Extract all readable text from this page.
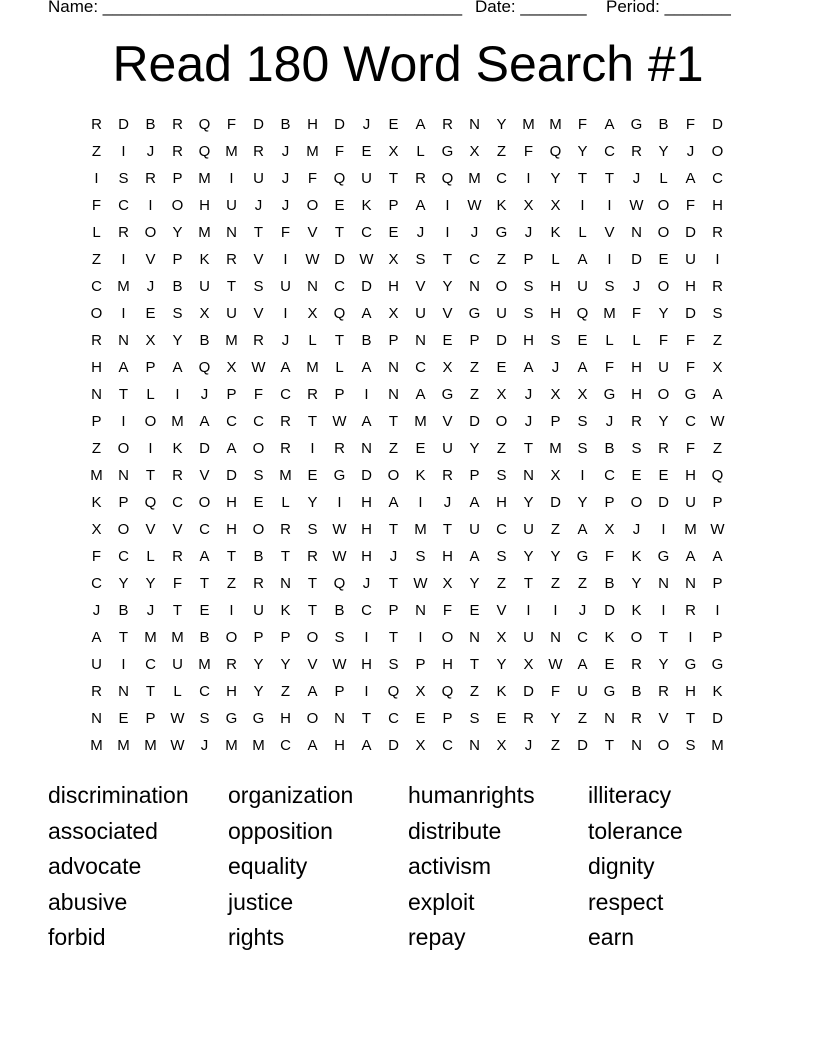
Name: ______________________________________ Date: _______ Period: _______
Read 180 Word Search #1
R	D	B	R	Q	F	D	B	H	D	J	E	A	R	N	Y	M M	F	A	G	B	F	D
Z	I	J	R	Q M	R	J	M	F	E	X	L	G	X	Z	F	Q	Y	C	R	Y	J	O
I	S	R	P	M	I	U	J	F	Q	U	T	R	Q M	C	I	Y	T	T	J	L	A	C
F	C	I	O	H	U	J	J	O	E	K	P	A	I	W K	X	X	I	I	W O	F	H
L	R	O	Y	M	N	T	F	V	T	C	E	J	I	J	G	J	K	L	V	N	O	D	R
Z	I	V	P	K	R	V	I	W D W X	S	T	C	Z	P	L	A	I	D	E	U	I
C	M	J	B	U	T	S	U	N	C	D	H	V	Y	N	O	S	H	U	S	J	O	H	R
O	I	E	S	X	U	V	I	X	Q	A	X	U	V	G	U	S	H	Q M	F	Y	D	S
R	N	X	Y	B	M	R	J	L	T	B	P	N	E	P	D	H	S	E	L	L	F	F	Z
H	A	P	A	Q	X W A	M	L	A	N	C	X	Z	E	A	J	A	F	H	U	F	X
N	T	L	I	J	P	F	C	R	P	I	N	A	G	Z	X	J	X	X	G	H	O	G	A
P	I	O M	A	C	C	R	T	W A	T	M	V	D	O	J	P	S	J	R	Y	C W
Z	O	I	K	D	A	O	R	I	R	N	Z	E	U	Y	Z	T	M	S	B	S	R	F	Z
M	N	T	R	V	D	S	M	E	G	D	O	K	R	P	S	N	X	I	C	E	E	H	Q
K	P	Q	C	O	H	E	L	Y	I	H	A	I	J	A	H	Y	D	Y	P	O	D	U	P
X	O	V	V	C	H	O	R	S W H	T	M	T	U	C	U	Z	A	X	J	I	M W
F	C	L	R	A	T	B	T	R W H	J	S	H	A	S	Y	Y	G	F	K	G	A	A
C	Y	Y	F	T	Z	R	N	T	Q	J	T	W X	Y	Z	T	Z	Z	B	Y	N	N	P
J	B	J	T	E	I	U	K	T	B	C	P	N	F	E	V	I	I	J	D	K	I	R	I
A	T	M M	B	O	P	P	O	S	I	T	I	O	N	X	U	N	C	K	O	T	I	P
U	I	C	U	M	R	Y	Y	V W H	S	P	H	T	Y	X W A	E	R	Y	G	G
R	N	T	L	C	H	Y	Z	A	P	I	Q	X	Q	Z	K	D	F	U	G	B	R	H	K
N	E	P W S	G	G	H	O	N	T	C	E	P	S	E	R	Y	Z	N	R	V	T	D
M M M W	J	M M	C	A	H	A	D	X	C	N	X	J	Z	D	T	N	O	S	M
discrimination	organization	humanrights	illiteracy
associated	opposition	distribute	tolerance
advocate	equality	activism	dignity
abusive	justice	exploit	respect
forbid	rights	repay	earn
